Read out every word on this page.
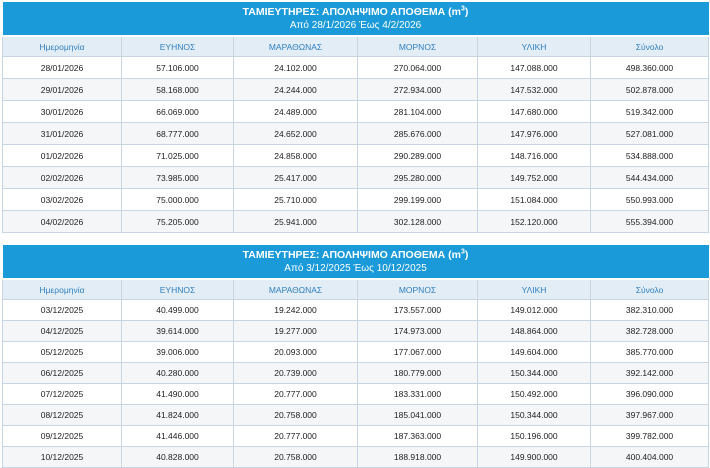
ΤΑΜΙΕΥΤΗΡΕΣ: ΑΠΟΛΗΨΙΜΟ ΑΠΟΘΕΜΑ $(m^3)$
Από 28/1/2026 Έως 4/2/2026					

Ημερομηνία	ΕΥΗΝΟΣ	ΜΑΡΑΘΩΝΑΣ	ΜΟΡΝΟΣ	ΥΛΙΚΗ	Σύνολο
28/01/2026	57.106.000	24.102.000	270.064.000	147.088.000	498.360.000
29/01/2026	58.168.000	24.244.000	272.934.000	147.532.000	502.878.000
30/01/2026	66.069.000	24.489.000	281.104.000	147.680.000	519.342.000
31/01/2026	68.777.000	24.652.000	285.676.000	147.976.000	527.081.000
01/02/2026	71.025.000	24.858.000	290.289.000	148.716.000	534.888.000
02/02/2026	73.985.000	25.417.000	295.280.000	149.752.000	544.434.000
03/02/2026	75.000.000	25.710.000	299.199.000	151.084.000	550.993.000
04/02/2026	75.205.000	25.941.000	302.128.000	152.120.000	555.394.000
ΤΑΜΙΕΥΤΗΡΕΣ: ΑΠΟΛΗΨΙΜΟ ΑΠΟΘΕΜΑ $(m^3)$
Από 3/12/2025 Έως 10/12/2025					

Ημερομηνία	ΕΥΗΝΟΣ	ΜΑΡΑΘΩΝΑΣ	ΜΟΡΝΟΣ	ΥΛΙΚΗ	Σύνολο
03/12/2025	40.499.000	19.242.000	173.557.000	149.012.000	382.310.000
04/12/2025	39.614.000	19.277.000	174.973.000	148.864.000	382.728.000
05/12/2025	39.006.000	20.093.000	177.067.000	149.604.000	385.770.000
06/12/2025	40.280.000	20.739.000	180.779.000	150.344.000	392.142.000
07/12/2025	41.490.000	20.777.000	183.331.000	150.492.000	396.090.000
08/12/2025	41.824.000	20.758.000	185.041.000	150.344.000	397.967.000
09/12/2025	41.446.000	20.777.000	187.363.000	150.196.000	399.782.000
10/12/2025	40.828.000	20.758.000	188.918.000	149.900.000	400.404.000
